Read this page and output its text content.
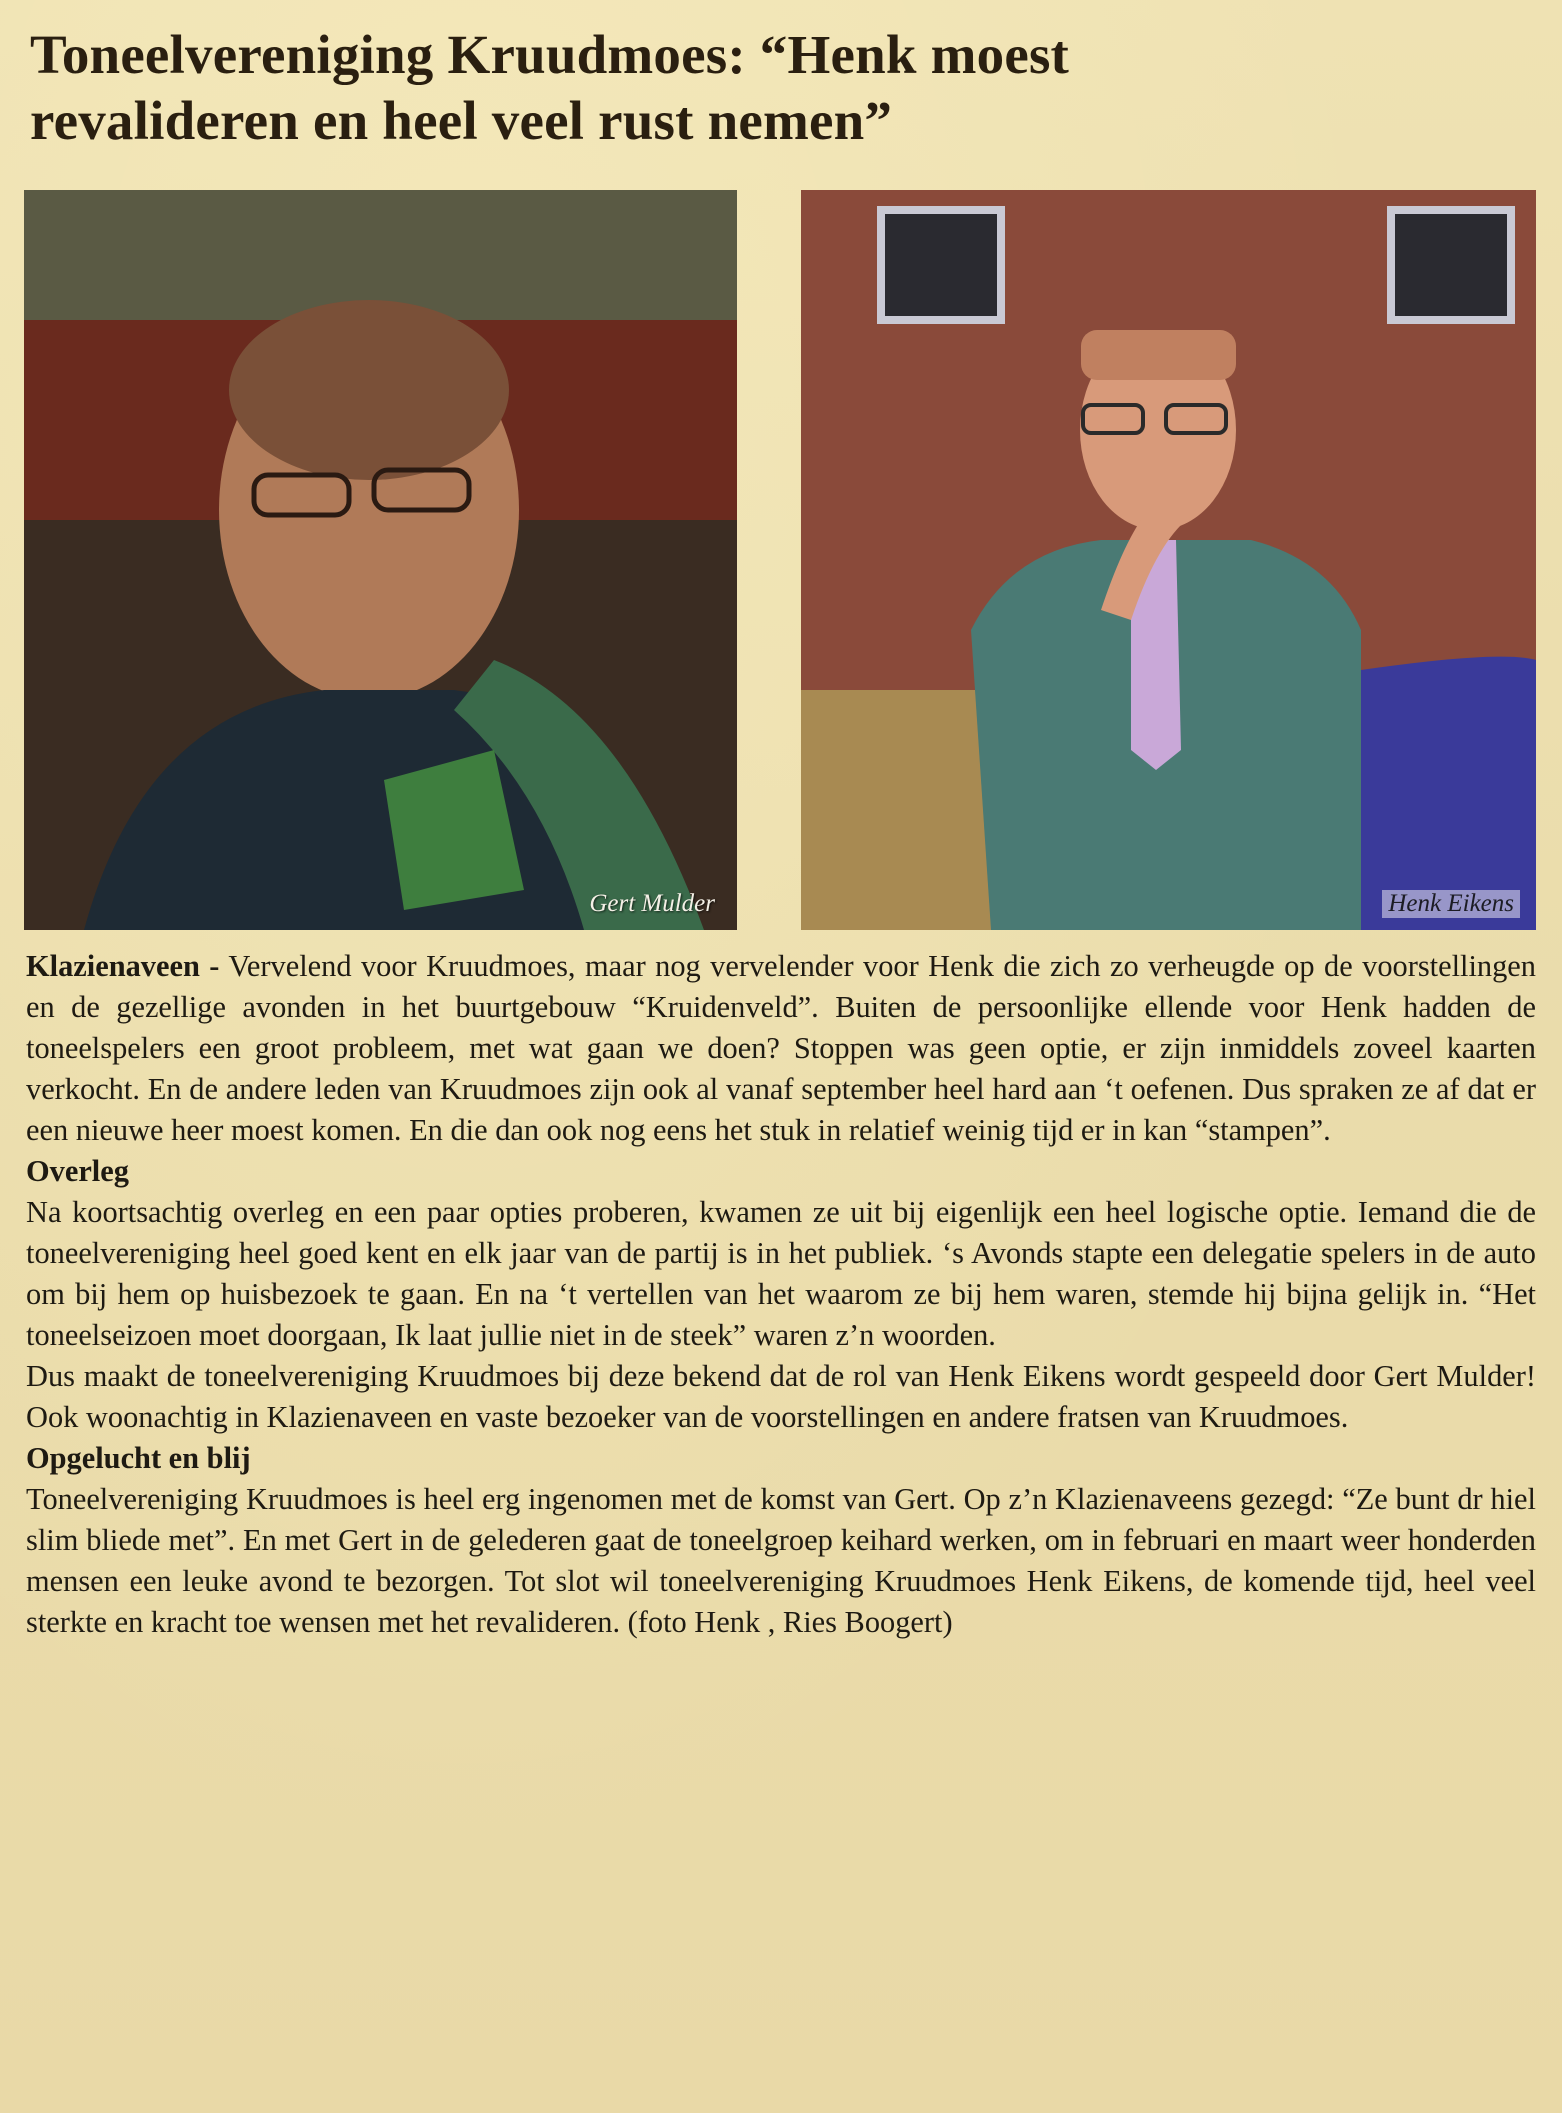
Toneelvereniging Kruudmoes: “Henk moest
revalideren en heel veel rust nemen”
Gert Mulder	Henk Eikens

Klazienaveen - Vervelend voor Kruudmoes, maar nog vervelender voor Henk die zich zo verheugde op de voorstellingen en de gezellige avonden in het buurtgebouw “Kruidenveld”. Buiten de persoonlijke ellende voor Henk hadden de toneelspelers een groot probleem, met wat gaan we doen? Stoppen was geen optie, er zijn inmiddels zoveel kaarten verkocht. En de andere leden van Kruudmoes zijn ook al vanaf september heel hard aan ‘t oefenen. Dus spraken ze af dat er een nieuwe heer moest komen. En die dan ook nog eens het stuk in relatief weinig tijd er in kan “stampen”.

Overleg

Na koortsachtig overleg en een paar opties proberen, kwamen ze uit bij eigenlijk een heel logische optie. Iemand die de toneelvereniging heel goed kent en elk jaar van de partij is in het publiek. ‘s Avonds stapte een delegatie spelers in de auto om bij hem op huisbezoek te gaan. En na ‘t vertellen van het waarom ze bij hem waren, stemde hij bijna gelijk in. “Het toneelseizoen moet doorgaan, Ik laat jullie niet in de steek” waren z’n woorden.

Dus maakt de toneelvereniging Kruudmoes bij deze bekend dat de rol van Henk Eikens wordt gespeeld door Gert Mulder! Ook woonachtig in Klazienaveen en vaste bezoeker van de voorstellingen en andere fratsen van Kruudmoes.

Opgelucht en blij

Toneelvereniging Kruudmoes is heel erg ingenomen met de komst van Gert. Op z’n Klazienaveens gezegd: “Ze bunt dr hiel slim bliede met”. En met Gert in de gelederen gaat de toneelgroep keihard werken, om in februari en maart weer honderden mensen een leuke avond te bezorgen. Tot slot wil toneelvereniging Kruudmoes Henk Eikens, de komende tijd, heel veel sterkte en kracht toe wensen met het revalideren. (foto Henk , Ries Boogert)
